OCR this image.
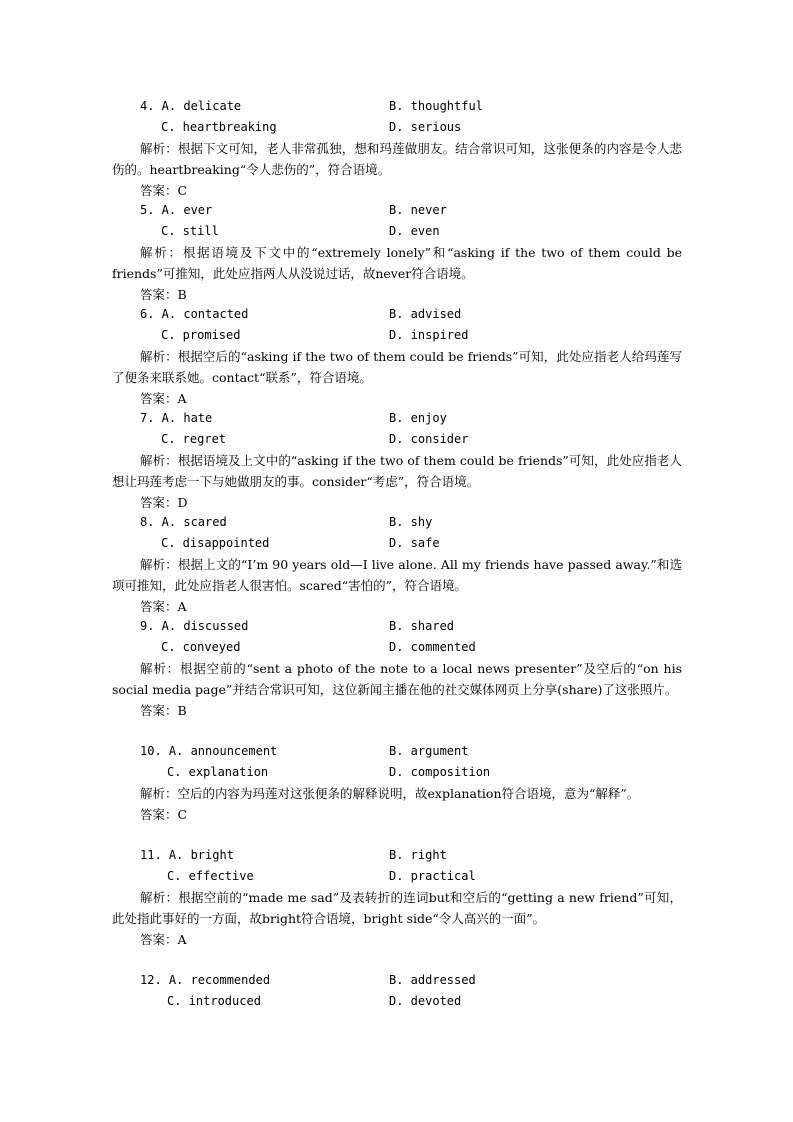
4. A. delicate	B. thoughtful
C. heartbreaking	D. serious
解析：根据下文可知，老人非常孤独，想和玛莲做朋友。结合常识可知，这张便条的内容是令人悲伤的。heartbreaking“令人悲伤的”，符合语境。
答案：C
5. A. ever	B. never
C. still	D. even
解析：根据语境及下文中的“extremely lonely”和“asking if the two of them could be friends”可推知，此处应指两人从没说过话，故never符合语境。
答案：B
6. A. contacted	B. advised
C. promised	D. inspired
解析：根据空后的“asking if the two of them could be friends”可知，此处应指老人给玛莲写了便条来联系她。contact“联系”，符合语境。
答案：A
7. A. hate	B. enjoy
C. regret	D. consider
解析：根据语境及上文中的“asking if the two of them could be friends”可知，此处应指老人想让玛莲考虑一下与她做朋友的事。consider“考虑”，符合语境。
答案：D
8. A. scared	B. shy
C. disappointed	D. safe
解析：根据上文的“I’m 90 years old—I live alone. All my friends have passed away.”和选项可推知，此处应指老人很害怕。scared“害怕的”，符合语境。
答案：A
9. A. discussed	B. shared
C. conveyed	D. commented
解析：根据空前的“sent a photo of the note to a local news presenter”及空后的“on his social media page”并结合常识可知，这位新闻主播在他的社交媒体网页上分享(share)了这张照片。
答案：B
10. A. announcement	B. argument
C. explanation	D. composition
解析：空后的内容为玛莲对这张便条的解释说明，故explanation符合语境，意为“解释”。
答案：C
11. A. bright	B. right
C. effective	D. practical
解析：根据空前的“made me sad”及表转折的连词but和空后的“getting a new friend”可知，此处指此事好的一方面，故bright符合语境，bright side“令人高兴的一面”。
答案：A
12. A. recommended	B. addressed
C. introduced	D. devoted
